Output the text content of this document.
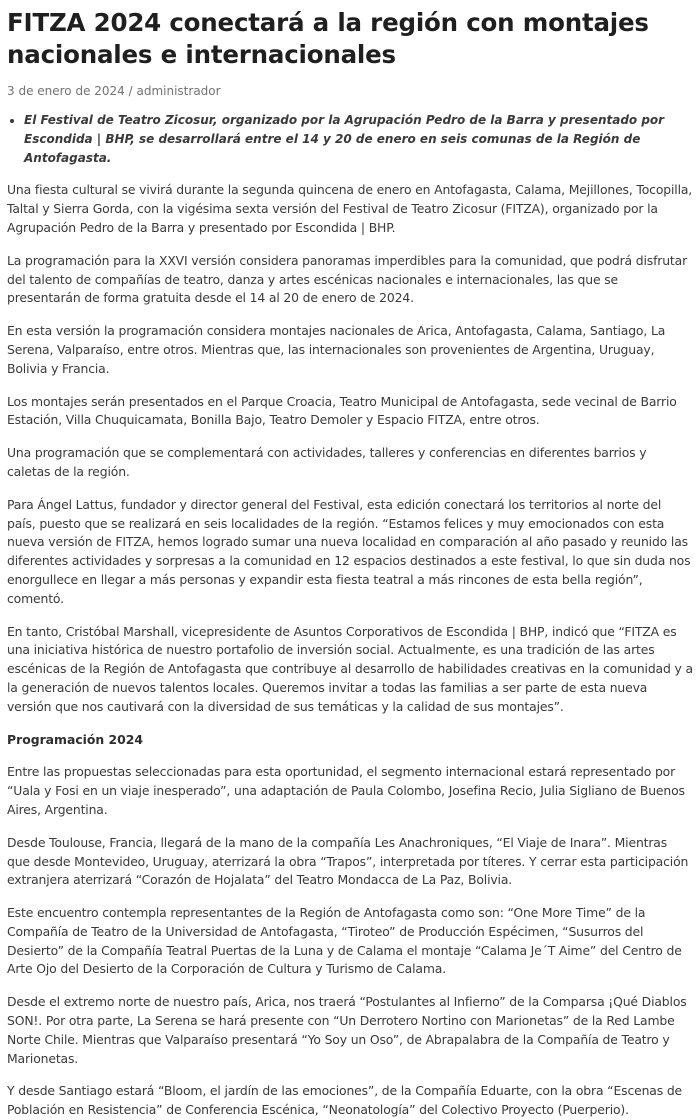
FITZA 2024 conectará a la región con montajes nacionales e internacionales
3 de enero de 2024 / administrador
• El Festival de Teatro Zicosur, organizado por la Agrupación Pedro de la Barra y presentado por Escondida | BHP, se desarrollará entre el 14 y 20 de enero en seis comunas de la Región de Antofagasta.

Una fiesta cultural se vivirá durante la segunda quincena de enero en Antofagasta, Calama, Mejillones, Tocopilla, Taltal y Sierra Gorda, con la vigésima sexta versión del Festival de Teatro Zicosur (FITZA), organizado por la Agrupación Pedro de la Barra y presentado por Escondida | BHP.

La programación para la XXVI versión considera panoramas imperdibles para la comunidad, que podrá disfrutar del talento de compañías de teatro, danza y artes escénicas nacionales e internacionales, las que se presentarán de forma gratuita desde el 14 al 20 de enero de 2024.

En esta versión la programación considera montajes nacionales de Arica, Antofagasta, Calama, Santiago, La Serena, Valparaíso, entre otros. Mientras que, las internacionales son provenientes de Argentina, Uruguay, Bolivia y Francia.

Los montajes serán presentados en el Parque Croacia, Teatro Municipal de Antofagasta, sede vecinal de Barrio Estación, Villa Chuquicamata, Bonilla Bajo, Teatro Demoler y Espacio FITZA, entre otros.

Una programación que se complementará con actividades, talleres y conferencias en diferentes barrios y caletas de la región.

Para Ángel Lattus, fundador y director general del Festival, esta edición conectará los territorios al norte del país, puesto que se realizará en seis localidades de la región. “Estamos felices y muy emocionados con esta nueva versión de FITZA, hemos logrado sumar una nueva localidad en comparación al año pasado y reunido las diferentes actividades y sorpresas a la comunidad en 12 espacios destinados a este festival, lo que sin duda nos enorgullece en llegar a más personas y expandir esta fiesta teatral a más rincones de esta bella región”, comentó.

En tanto, Cristóbal Marshall, vicepresidente de Asuntos Corporativos de Escondida | BHP, indicó que “FITZA es una iniciativa histórica de nuestro portafolio de inversión social. Actualmente, es una tradición de las artes escénicas de la Región de Antofagasta que contribuye al desarrollo de habilidades creativas en la comunidad y a la generación de nuevos talentos locales. Queremos invitar a todas las familias a ser parte de esta nueva versión que nos cautivará con la diversidad de sus temáticas y la calidad de sus montajes”.

Programación 2024

Entre las propuestas seleccionadas para esta oportunidad, el segmento internacional estará representado por “Uala y Fosi en un viaje inesperado”, una adaptación de Paula Colombo, Josefina Recio, Julia Sigliano de Buenos Aires, Argentina.

Desde Toulouse, Francia, llegará de la mano de la compañía Les Anachroniques, “El Viaje de Inara”. Mientras que desde Montevideo, Uruguay, aterrizará la obra “Trapos”, interpretada por títeres. Y cerrar esta participación extranjera aterrizará “Corazón de Hojalata” del Teatro Mondacca de La Paz, Bolivia.

Este encuentro contempla representantes de la Región de Antofagasta como son: “One More Time” de la Compañía de Teatro de la Universidad de Antofagasta, “Tiroteo” de Producción Espécimen, “Susurros del Desierto” de la Compañía Teatral Puertas de la Luna y de Calama el montaje “Calama Je´T Aime” del Centro de Arte Ojo del Desierto de la Corporación de Cultura y Turismo de Calama.

Desde el extremo norte de nuestro país, Arica, nos traerá “Postulantes al Infierno” de la Comparsa ¡Qué Diablos SON!. Por otra parte, La Serena se hará presente con “Un Derrotero Nortino con Marionetas” de la Red Lambe Norte Chile. Mientras que Valparaíso presentará “Yo Soy un Oso”, de Abrapalabra de la Compañía de Teatro y Marionetas.

Y desde Santiago estará “Bloom, el jardín de las emociones”, de la Compañía Eduarte, con la obra “Escenas de Población en Resistencia” de Conferencia Escénica, “Neonatología” del Colectivo Proyecto (Puerperio).
